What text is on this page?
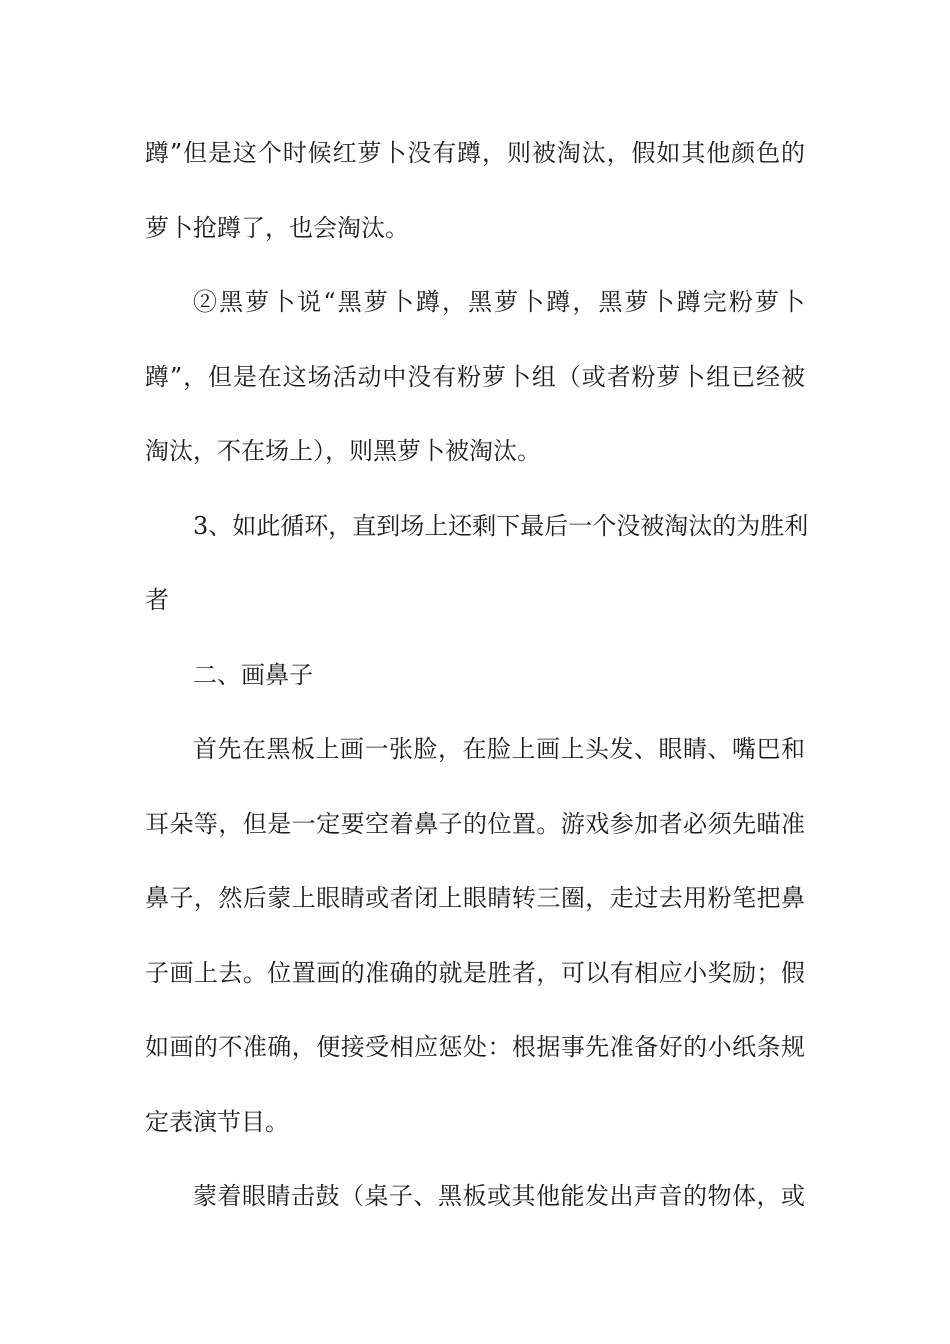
蹲”但是这个时候红萝卜没有蹲，则被淘汰，假如其他颜色的
萝卜抢蹲了，也会淘汰。
②黑萝卜说“黑萝卜蹲，黑萝卜蹲，黑萝卜蹲完粉萝卜
蹲”，但是在这场活动中没有粉萝卜组（或者粉萝卜组已经被
淘汰，不在场上），则黑萝卜被淘汰。
3、如此循环，直到场上还剩下最后一个没被淘汰的为胜利
者
二、画鼻子
首先在黑板上画一张脸，在脸上画上头发、眼睛、嘴巴和
耳朵等，但是一定要空着鼻子的位置。游戏参加者必须先瞄准
鼻子，然后蒙上眼睛或者闭上眼睛转三圈，走过去用粉笔把鼻
子画上去。位置画的准确的就是胜者，可以有相应小奖励；假
如画的不准确，便接受相应惩处：根据事先准备好的小纸条规
定表演节目。
蒙着眼睛击鼓（桌子、黑板或其他能发出声音的物体，或
